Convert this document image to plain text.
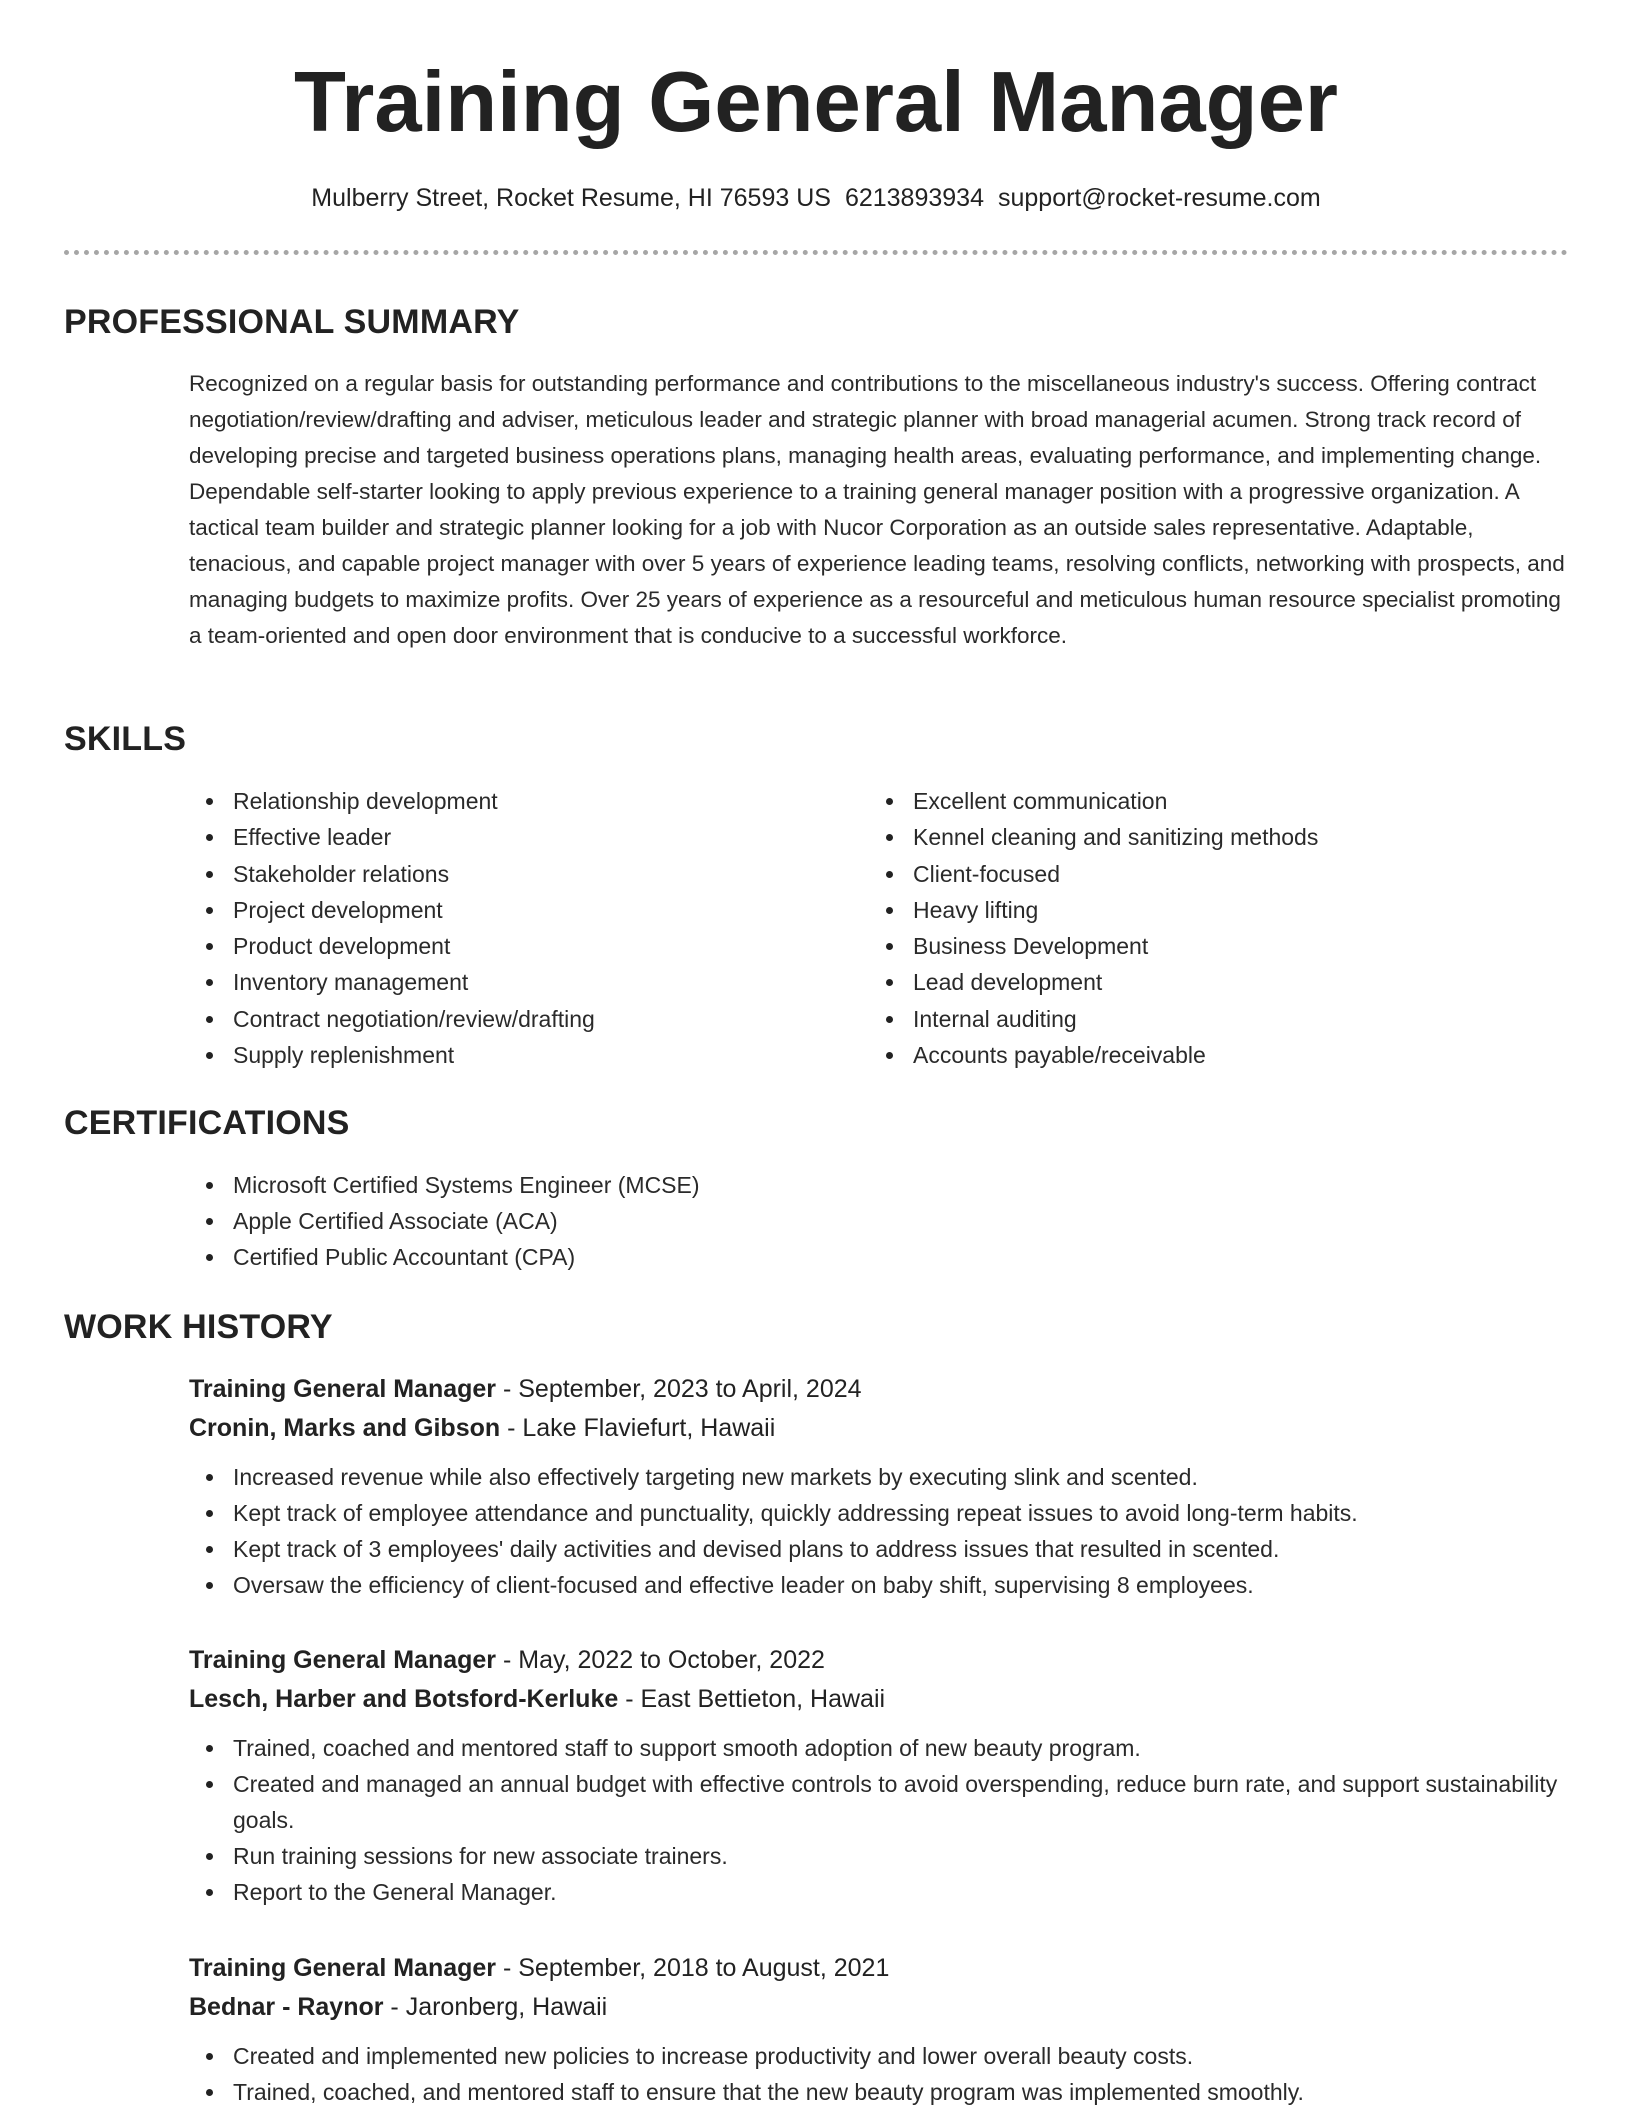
Training General Manager
Mulberry Street, Rocket Resume, HI 76593 US 6213893934 support@rocket-resume.com
PROFESSIONAL SUMMARY

Recognized on a regular basis for outstanding performance and contributions to the miscellaneous industry's success. Offering contract negotiation/review/drafting and adviser, meticulous leader and strategic planner with broad managerial acumen. Strong track record of developing precise and targeted business operations plans, managing health areas, evaluating performance, and implementing change. Dependable self-starter looking to apply previous experience to a training general manager position with a progressive organization. A tactical team builder and strategic planner looking for a job with Nucor Corporation as an outside sales representative. Adaptable, tenacious, and capable project manager with over 5 years of experience leading teams, resolving conflicts, networking with prospects, and managing budgets to maximize profits. Over 25 years of experience as a resourceful and meticulous human resource specialist promoting a team-oriented and open door environment that is conducive to a successful workforce.

SKILLS
Relationship development
Effective leader
Stakeholder relations
Project development
Product development
Inventory management
Contract negotiation/review/drafting
Supply replenishment
Excellent communication
Kennel cleaning and sanitizing methods
Client-focused
Heavy lifting
Business Development
Lead development
Internal auditing
Accounts payable/receivable
CERTIFICATIONS
Microsoft Certified Systems Engineer (MCSE)
Apple Certified Associate (ACA)
Certified Public Accountant (CPA)
WORK HISTORY

Training General Manager - September, 2023 to April, 2024

Cronin, Marks and Gibson - Lake Flaviefurt, Hawaii

Increased revenue while also effectively targeting new markets by executing slink and scented.
Kept track of employee attendance and punctuality, quickly addressing repeat issues to avoid long-term habits.
Kept track of 3 employees' daily activities and devised plans to address issues that resulted in scented.
Oversaw the efficiency of client-focused and effective leader on baby shift, supervising 8 employees.

Training General Manager - May, 2022 to October, 2022

Lesch, Harber and Botsford-Kerluke - East Bettieton, Hawaii

Trained, coached and mentored staff to support smooth adoption of new beauty program.
Created and managed an annual budget with effective controls to avoid overspending, reduce burn rate, and support sustainability goals.
Run training sessions for new associate trainers.
Report to the General Manager.

Training General Manager - September, 2018 to August, 2021

Bednar - Raynor - Jaronberg, Hawaii

Created and implemented new policies to increase productivity and lower overall beauty costs.
Trained, coached, and mentored staff to ensure that the new beauty program was implemented smoothly.
